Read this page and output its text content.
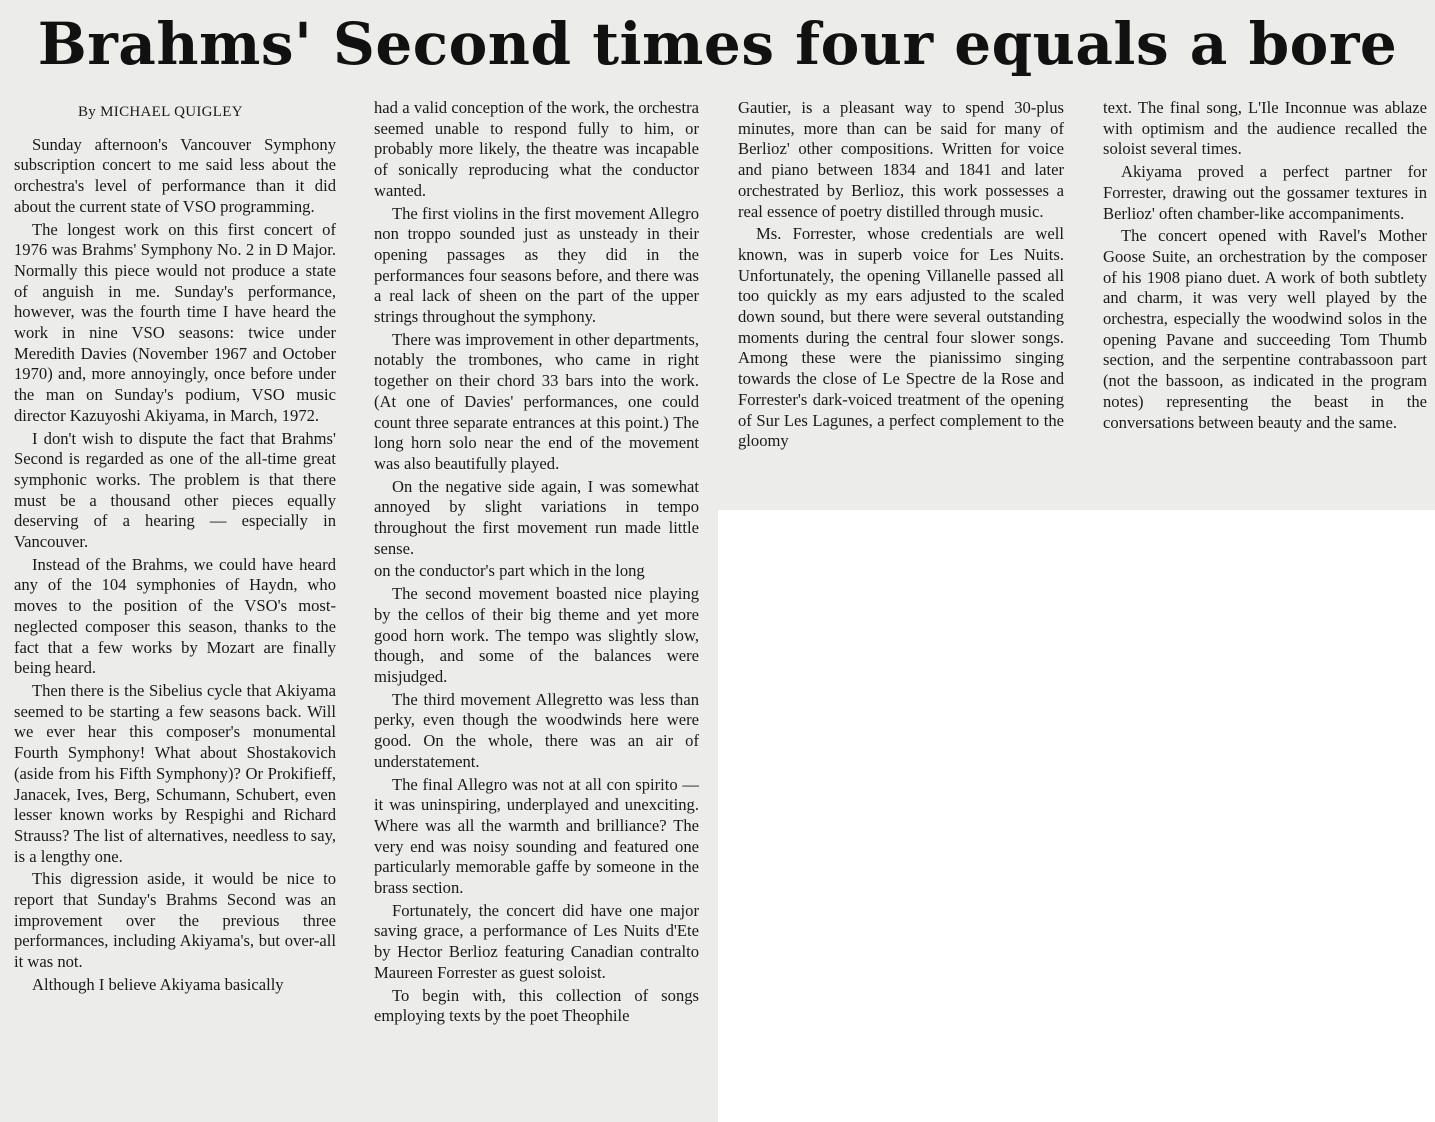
Brahms' Second times four equals a bore
By MICHAEL QUIGLEY

Sunday afternoon's Vancouver Symphony subscription concert to me said less about the orchestra's level of performance than it did about the current state of VSO programming.

The longest work on this first concert of 1976 was Brahms' Symphony No. 2 in D Major. Normally this piece would not produce a state of anguish in me. Sunday's performance, however, was the fourth time I have heard the work in nine VSO seasons: twice under Meredith Davies (November 1967 and October 1970) and, more annoyingly, once before under the man on Sunday's podium, VSO music director Kazuyoshi Akiyama, in March, 1972.

I don't wish to dispute the fact that Brahms' Second is regarded as one of the all-time great symphonic works. The problem is that there must be a thousand other pieces equally deserving of a hearing — especially in Vancouver.

Instead of the Brahms, we could have heard any of the 104 symphonies of Haydn, who moves to the position of the VSO's most-neglected composer this season, thanks to the fact that a few works by Mozart are finally being heard.

Then there is the Sibelius cycle that Akiyama seemed to be starting a few seasons back. Will we ever hear this composer's monumental Fourth Symphony! What about Shostakovich (aside from his Fifth Symphony)? Or Prokifieff, Janacek, Ives, Berg, Schumann, Schubert, even lesser known works by Respighi and Richard Strauss? The list of alternatives, needless to say, is a lengthy one.

This digression aside, it would be nice to report that Sunday's Brahms Second was an improvement over the previous three performances, including Akiyama's, but over-all it was not.

Although I believe Akiyama basically

had a valid conception of the work, the orchestra seemed unable to respond fully to him, or probably more likely, the theatre was incapable of sonically reproducing what the conductor wanted.

The first violins in the first movement Allegro non troppo sounded just as unsteady in their opening passages as they did in the performances four seasons before, and there was a real lack of sheen on the part of the upper strings throughout the symphony.

There was improvement in other departments, notably the trombones, who came in right together on their chord 33 bars into the work. (At one of Davies' performances, one could count three separate entrances at this point.) The long horn solo near the end of the movement was also beautifully played.

On the negative side again, I was somewhat annoyed by slight variations in tempo throughout the first movement run made little sense.

on the conductor's part which in the long

The second movement boasted nice playing by the cellos of their big theme and yet more good horn work. The tempo was slightly slow, though, and some of the balances were misjudged.

The third movement Allegretto was less than perky, even though the woodwinds here were good. On the whole, there was an air of understatement.

The final Allegro was not at all con spirito — it was uninspiring, underplayed and unexciting. Where was all the warmth and brilliance? The very end was noisy sounding and featured one particularly memorable gaffe by someone in the brass section.

Fortunately, the concert did have one major saving grace, a performance of Les Nuits d'Ete by Hector Berlioz featuring Canadian contralto Maureen Forrester as guest soloist.

To begin with, this collection of songs employing texts by the poet Theophile

Gautier, is a pleasant way to spend 30-plus minutes, more than can be said for many of Berlioz' other compositions. Written for voice and piano between 1834 and 1841 and later orchestrated by Berlioz, this work possesses a real essence of poetry distilled through music.

Ms. Forrester, whose credentials are well known, was in superb voice for Les Nuits. Unfortunately, the opening Villanelle passed all too quickly as my ears adjusted to the scaled down sound, but there were several outstanding moments during the central four slower songs. Among these were the pianissimo singing towards the close of Le Spectre de la Rose and Forrester's dark-voiced treatment of the opening of Sur Les Lagunes, a perfect complement to the gloomy

text. The final song, L'Ile Inconnue was ablaze with optimism and the audience recalled the soloist several times.

Akiyama proved a perfect partner for Forrester, drawing out the gossamer textures in Berlioz' often chamber-like accompaniments.

The concert opened with Ravel's Mother Goose Suite, an orchestration by the composer of his 1908 piano duet. A work of both subtlety and charm, it was very well played by the orchestra, especially the woodwind solos in the opening Pavane and succeeding Tom Thumb section, and the serpentine contrabassoon part (not the bassoon, as indicated in the program notes) representing the beast in the conversations between beauty and the same.
